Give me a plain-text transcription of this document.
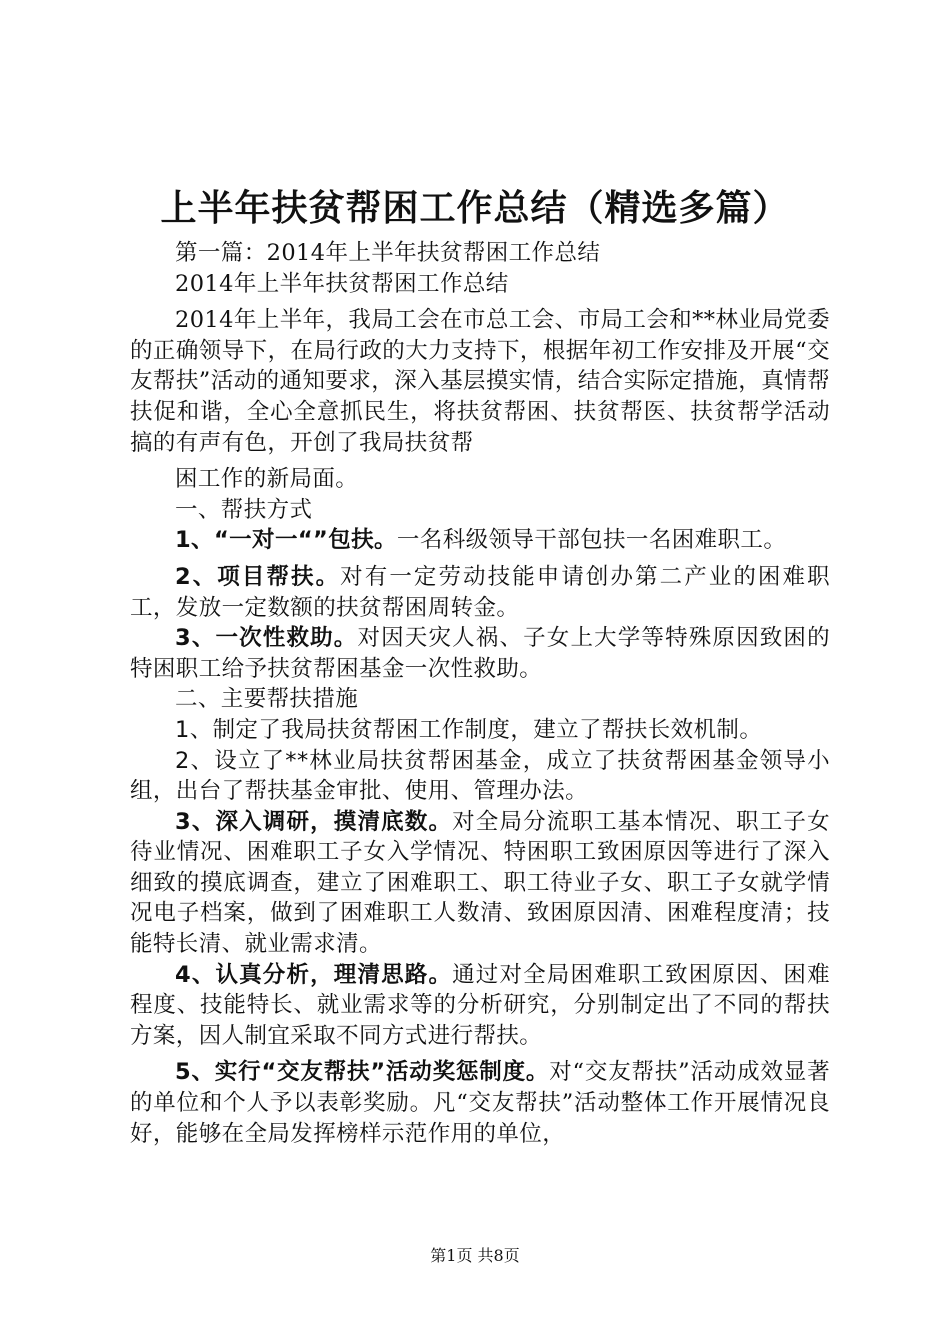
上半年扶贫帮困工作总结（精选多篇）

第一篇：2014年上半年扶贫帮困工作总结

2014年上半年扶贫帮困工作总结

2014年上半年，我局工会在市总工会、市局工会和**林业局党委的正确领导下，在局行政的大力支持下，根据年初工作安排及开展“交友帮扶”活动的通知要求，深入基层摸实情，结合实际定措施，真情帮扶促和谐，全心全意抓民生，将扶贫帮困、扶贫帮医、扶贫帮学活动搞的有声有色，开创了我局扶贫帮

困工作的新局面。

一、帮扶方式

1、“一对一“”包扶。一名科级领导干部包扶一名困难职工。

2、项目帮扶。对有一定劳动技能申请创办第二产业的困难职工，发放一定数额的扶贫帮困周转金。

3、一次性救助。对因天灾人祸、子女上大学等特殊原因致困的特困职工给予扶贫帮困基金一次性救助。

二、主要帮扶措施

1、制定了我局扶贫帮困工作制度，建立了帮扶长效机制。

2、设立了**林业局扶贫帮困基金，成立了扶贫帮困基金领导小组，出台了帮扶基金审批、使用、管理办法。

3、深入调研，摸清底数。对全局分流职工基本情况、职工子女待业情况、困难职工子女入学情况、特困职工致困原因等进行了深入细致的摸底调查，建立了困难职工、职工待业子女、职工子女就学情况电子档案，做到了困难职工人数清、致困原因清、困难程度清；技能特长清、就业需求清。

4、认真分析，理清思路。通过对全局困难职工致困原因、困难程度、技能特长、就业需求等的分析研究，分别制定出了不同的帮扶方案，因人制宜采取不同方式进行帮扶。

5、实行“交友帮扶”活动奖惩制度。对“交友帮扶”活动成效显著的单位和个人予以表彰奖励。凡“交友帮扶”活动整体工作开展情况良好，能够在全局发挥榜样示范作用的单位，

第1页 共8页
